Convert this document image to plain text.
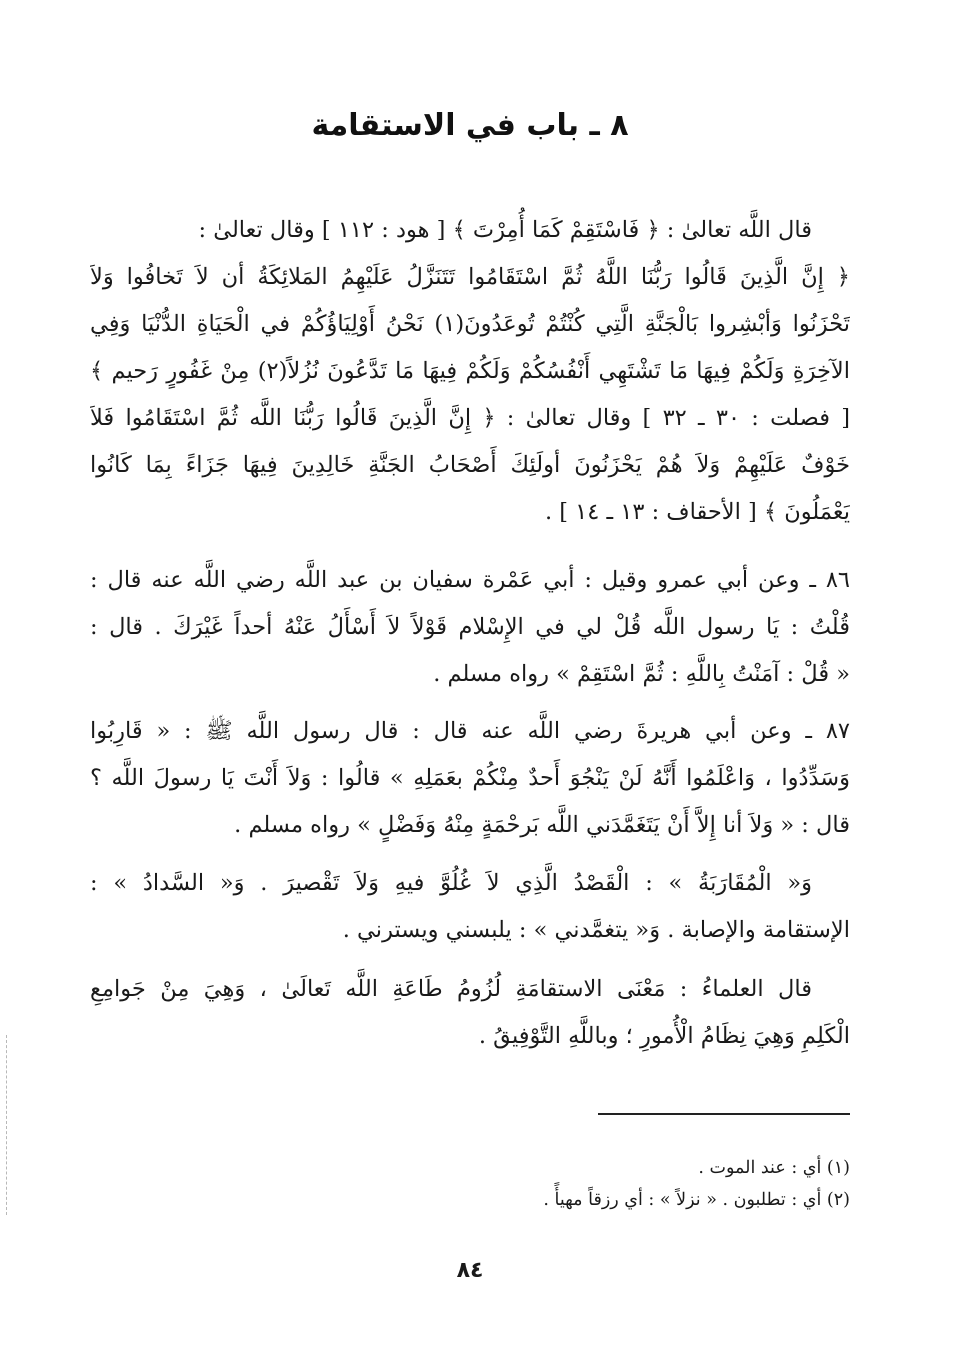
٨ ـ باب في الاستقامة
قال اللَّه تعالىٰ : ﴿ فَاسْتَقِمْ كَمَا أُمِرْتَ ﴾ [ هود : ١١٢ ] وقال تعالىٰ :
﴿ إِنَّ الَّذِينَ قَالُوا رَبُّنَا اللَّهُ ثُمَّ اسْتَقَامُوا تَتَنَزَّلُ عَلَيْهِمُ المَلائِكَةُ أن لاَ تَخافُوا وَلاَ
تَحْزَنُوا وَأبْشِروا بَالْجَنَّةِ الَّتِي كُنْتُمْ تُوعَدُونَ(١) نَحْنُ أَوْلِيَاؤُكُمْ في الْحَيَاةِ الدُّنْيَا وَفِي
الآخِرَةِ وَلَكُمْ فِيهَا مَا تَشْتَهِي أَنْفُسُكُمْ وَلَكُمْ فِيهَا مَا تَدَّعُونَ نُزُلاً(٢) مِنْ غَفُورٍ رَحيم ﴾
[ فصلت : ٣٠ ـ ٣٢ ] وقال تعالىٰ : ﴿ إِنَّ الَّذِينَ قَالُوا رَبُّنَا اللَّه ثُمَّ اسْتَقَامُوا فَلاَ
خَوْفٌ عَلَيْهِمْ وَلاَ هُمْ يَحْزَنُونَ أولَئِكَ أَصْحَابُ الجَنَّةِ خَالِدِينَ فِيهَا جَزَاءً بِمَا كَانُوا
يَعْمَلُونَ ﴾ [ الأحقاف : ١٣ ـ ١٤ ] .
٨٦ ـ وعن أبي عمرو وقيل : أبي عَمْرة سفيان بن عبد اللَّه رضي اللَّه عنه قال :
قُلْتُ : يَا رسول اللَّه قُلْ لي في الإِسْلام قَوْلاً لاَ أَسْأَلُ عَنْهُ أحداً غَيْرَكَ . قال :
« قُلْ : آمَنْتُ بِاللَّهِ : ثُمَّ اسْتَقِمْ » رواه مسلم .
٨٧ ـ وعن أبي هريرةَ رضي اللَّه عنه قال : قال رسول اللَّه ﷺ : « قَارِبُوا
وَسَدِّدُوا ، وَاعْلَمُوا أَنَّهُ لَنْ يَنْجُوَ أَحدٌ مِنْكُمْ بعَمَلِهِ » قالُوا : وَلاَ أَنْتَ يَا رسولَ اللَّه ؟
قال : « وَلاَ أنا إِلاَّ أَنْ يَتَغَمَّدَني اللَّه بَرحْمَةٍ مِنْهُ وَفَضْلٍ » رواه مسلم .
وَ« الْمُقَارَبَةُ » : الْقَصْدُ الَّذِي لاَ غُلُوَّ فيهِ وَلاَ تَقْصيرَ . وَ« السَّدادُ » :
الإستقامة والإصابة . وَ« يتغمَّدني » : يلبسني ويسترني .
قال العلماءُ : مَعْنَى الاستقامَةِ لُزُومُ طَاعَةِ اللَّه تَعالَىٰ ، وَهِيَ مِنْ جَوامِعِ
الْكَلِمِ وَهِيَ نِظَامُ الْأُمورِ ؛ وباللَّهِ التَّوْفِيقُ .
(١) أي : عند الموت .
(٢) أي : تطلبون . « نزلاً » : أي رزقاً مهيأً .
٨٤
